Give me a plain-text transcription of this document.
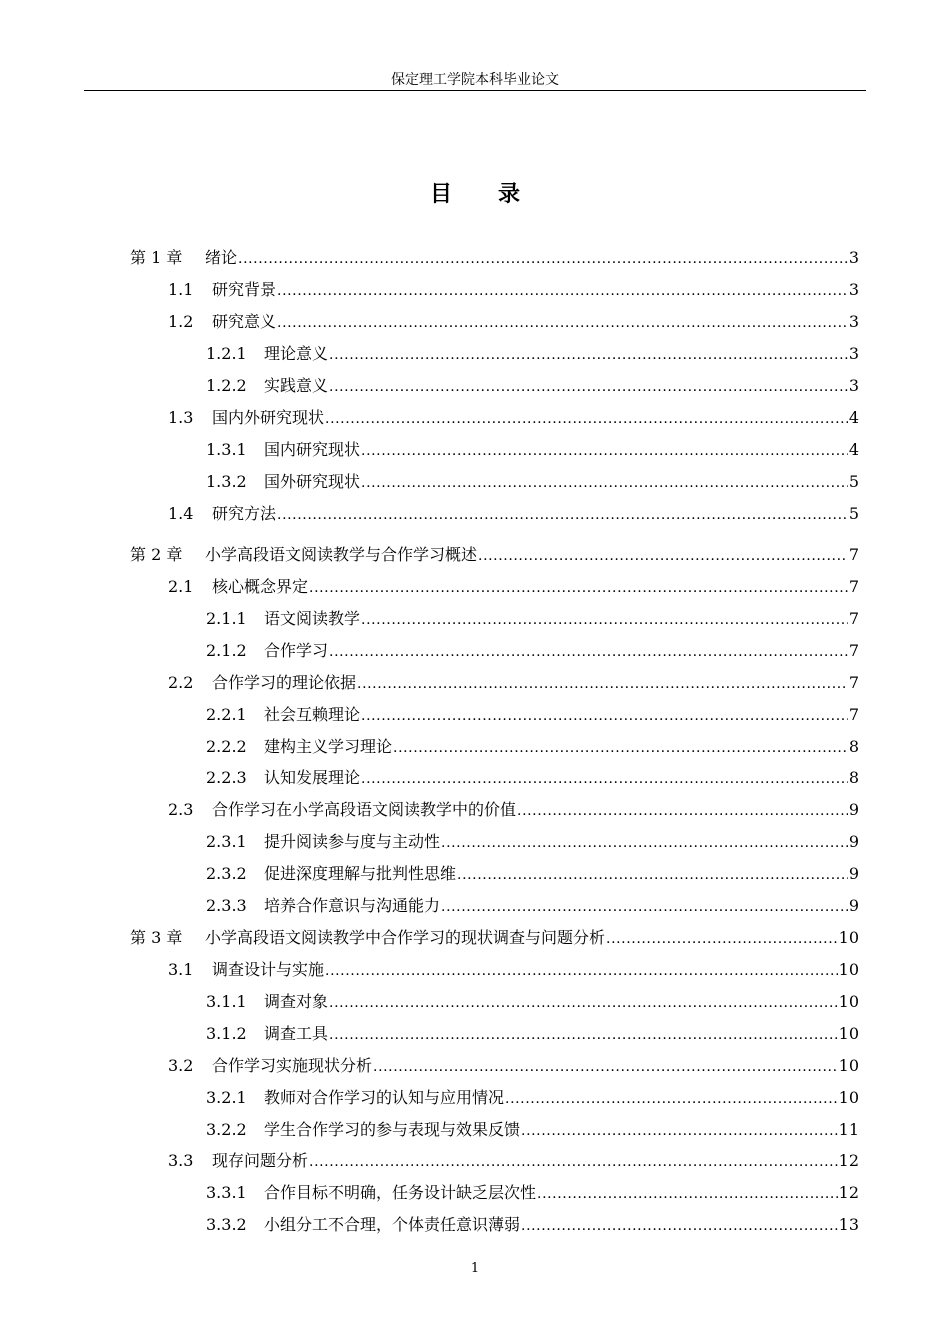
保定理工学院本科毕业论文
目录
第 1 章	绪论 .....	3
1.1	研究背景 .....	3
1.2	研究意义 .....	3
1.2.1	理论意义 .....	3
1.2.2	实践意义 .....	3
1.3	国内外研究现状 .....	4
1.3.1	国内研究现状 .....	4
1.3.2	国外研究现状 .....	5
1.4	研究方法 .....	5
第 2 章	小学高段语文阅读教学与合作学习概述 .....	7
2.1	核心概念界定 .....	7
2.1.1	语文阅读教学 .....	7
2.1.2	合作学习 .....	7
2.2	合作学习的理论依据 .....	7
2.2.1	社会互赖理论 .....	7
2.2.2	建构主义学习理论 .....	8
2.2.3	认知发展理论 .....	8
2.3	合作学习在小学高段语文阅读教学中的价值 .....	9
2.3.1	提升阅读参与度与主动性 .....	9
2.3.2	促进深度理解与批判性思维 .....	9
2.3.3	培养合作意识与沟通能力 .....	9
第 3 章	小学高段语文阅读教学中合作学习的现状调查与问题分析 .....	10
3.1	调查设计与实施 .....	10
3.1.1	调查对象 .....	10
3.1.2	调查工具 .....	10
3.2	合作学习实施现状分析 .....	10
3.2.1	教师对合作学习的认知与应用情况 .....	10
3.2.2	学生合作学习的参与表现与效果反馈 .....	11
3.3	现存问题分析 .....	12
3.3.1	合作目标不明确，任务设计缺乏层次性 .....	12
3.3.2	小组分工不合理，个体责任意识薄弱 .....	13
1
